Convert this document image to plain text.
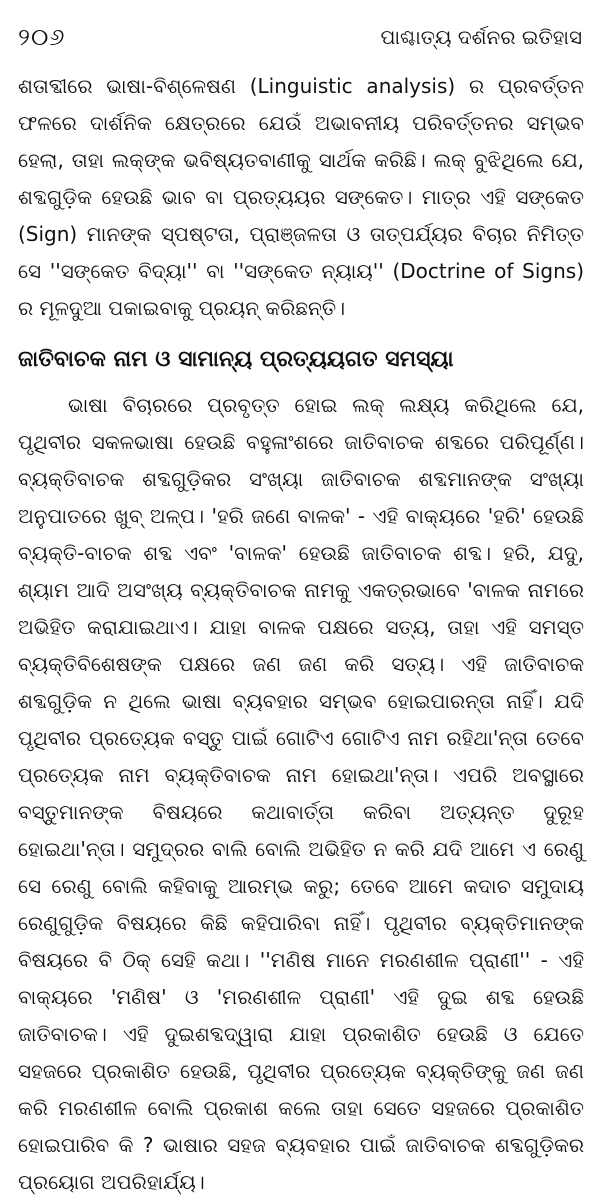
୨୦୬	ପାଶ୍ଚାତ୍ୟ ଦର୍ଶନର ଇତିହାସ

ଶତାବ୍ଦୀରେ ଭାଷା-ବିଶ୍ଳେଷଣ (Linguistic analysis) ର ପ୍ରବର୍ତ୍ତନ ଫଳରେ ଦାର୍ଶନିକ କ୍ଷେତ୍ରରେ ଯେଉଁ ଅଭାବନୀୟ ପରିବର୍ତ୍ତନର ସମ୍ଭବ ହେଲା, ତାହା ଲକ୍‌ଙ୍କ ଭବିଷ୍ୟତବାଣୀକୁ ସାର୍ଥକ କରିଛି। ଲକ୍ ବୁଝିଥିଲେ ଯେ, ଶବ୍ଦଗୁଡ଼ିକ ହେଉଛି ଭାବ ବା ପ୍ରତ୍ୟୟର ସଙ୍କେତ। ମାତ୍ର ଏହି ସଙ୍କେତ (Sign) ମାନଙ୍କ ସ୍ପଷ୍ଟତା, ପ୍ରାଞ୍ଜଳତା ଓ ତାତ୍ପର୍ଯ୍ୟର ବିଚାର ନିମିତ୍ତ ସେ ''ସଙ୍କେତ ବିଦ୍ୟା'' ବା ''ସଙ୍କେତ ନ୍ୟାୟ'' (Doctrine of Signs) ର ମୂଳଦୁଆ ପକାଇବାକୁ ପ୍ରୟନ୍ କରିଛନ୍ତି।

ଜାତିବାଚକ ନାମ ଓ ସାମାନ୍ୟ ପ୍ରତ୍ୟୟଗତ ସମସ୍ୟା

ଭାଷା ବିଚାରରେ ପ୍ରବୃତ୍ତ ହୋଇ ଲକ୍ ଲକ୍ଷ୍ୟ କରିଥିଲେ ଯେ, ପୃଥିବୀର ସକଳଭାଷା ହେଉଛି ବହୁଳାଂଶରେ ଜାତିବାଚକ ଶବ୍ଦରେ ପରିପୂର୍ଣ୍ଣ। ବ୍ୟକ୍ତିବାଚକ ଶବ୍ଦଗୁଡ଼ିକର ସଂଖ୍ୟା ଜାତିବାଚକ ଶବ୍ଦମାନଙ୍କ ସଂଖ୍ୟା ଅନୁପାତରେ ଖୁବ୍ ଅଳ୍ପ। 'ହରି ଜଣେ ବାଳକ' - ଏହି ବାକ୍ୟରେ 'ହରି' ହେଉଛି ବ୍ୟକ୍ତି-ବାଚକ ଶବ୍ଦ ଏବଂ 'ବାଳକ' ହେଉଛି ଜାତିବାଚକ ଶବ୍ଦ। ହରି, ଯଦୁ, ଶ୍ୟାମ ଆଦି ଅସଂଖ୍ୟ ବ୍ୟକ୍ତିବାଚକ ନାମକୁ ଏକତ୍ରଭାବେ 'ବାଳକ ନାମରେ ଅଭିହିତ କରାଯାଇଥାଏ। ଯାହା ବାଳକ ପକ୍ଷରେ ସତ୍ୟ, ତାହା ଏହି ସମସ୍ତ ବ୍ୟକ୍ତିବିଶେଷଙ୍କ ପକ୍ଷରେ ଜଣ ଜଣ କରି ସତ୍ୟ। ଏହି ଜାତିବାଚକ ଶବ୍ଦଗୁଡ଼ିକ ନ ଥିଲେ ଭାଷା ବ୍ୟବହାର ସମ୍ଭବ ହୋଇପାରନ୍ତା ନାହିଁ। ଯଦି ପୃଥିବୀର ପ୍ରତ୍ୟେକ ବସ୍ତୁ ପାଇଁ ଗୋଟିଏ ଗୋଟିଏ ନାମ ରହିଥା'ନ୍ତା ତେବେ ପ୍ରତ୍ୟେକ ନାମ ବ୍ୟକ୍ତିବାଚକ ନାମ ହୋଇଥା'ନ୍ତା। ଏପରି ଅବସ୍ଥାରେ ବସ୍ତୁମାନଙ୍କ ବିଷୟରେ କଥାବାର୍ତ୍ତା କରିବା ଅତ୍ୟନ୍ତ ଦୁରୂହ ହୋଇଥା'ନ୍ତା। ସମୁଦ୍ରର ବାଲି ବୋଲି ଅଭିହିତ ନ କରି ଯଦି ଆମେ ଏ ରେଣୁ ସେ ରେଣୁ ବୋଲି କହିବାକୁ ଆରମ୍ଭ କରୁ; ତେବେ ଆମେ କଦାଚ ସମୁଦାୟ ରେଣୁଗୁଡ଼ିକ ବିଷୟରେ କିଛି କହିପାରିବା ନାହିଁ। ପୃଥିବୀର ବ୍ୟକ୍ତିମାନଙ୍କ ବିଷୟରେ ବି ଠିକ୍ ସେହି କଥା। ''ମଣିଷ ମାନେ ମରଣଶୀଳ ପ୍ରାଣୀ'' - ଏହି ବାକ୍ୟରେ 'ମଣିଷ' ଓ 'ମରଣଶୀଳ ପ୍ରାଣୀ' ଏହି ଦୁଇ ଶବ୍ଦ ହେଉଛି ଜାତିବାଚକ। ଏହି ଦୁଇଶବ୍ଦଦ୍ୱାରା ଯାହା ପ୍ରକାଶିତ ହେଉଛି ଓ ଯେତେ ସହଜରେ ପ୍ରକାଶିତ ହେଉଛି, ପୃଥିବୀର ପ୍ରତ୍ୟେକ ବ୍ୟକ୍ତିଙ୍କୁ ଜଣ ଜଣ କରି ମରଣଶୀଳ ବୋଲି ପ୍ରକାଶ କଲେ ତାହା ସେତେ ସହଜରେ ପ୍ରକାଶିତ ହୋଇପାରିବ କି ? ଭାଷାର ସହଜ ବ୍ୟବହାର ପାଇଁ ଜାତିବାଚକ ଶବ୍ଦଗୁଡ଼ିକର ପ୍ରୟୋଗ ଅପରିହାର୍ଯ୍ୟ।
